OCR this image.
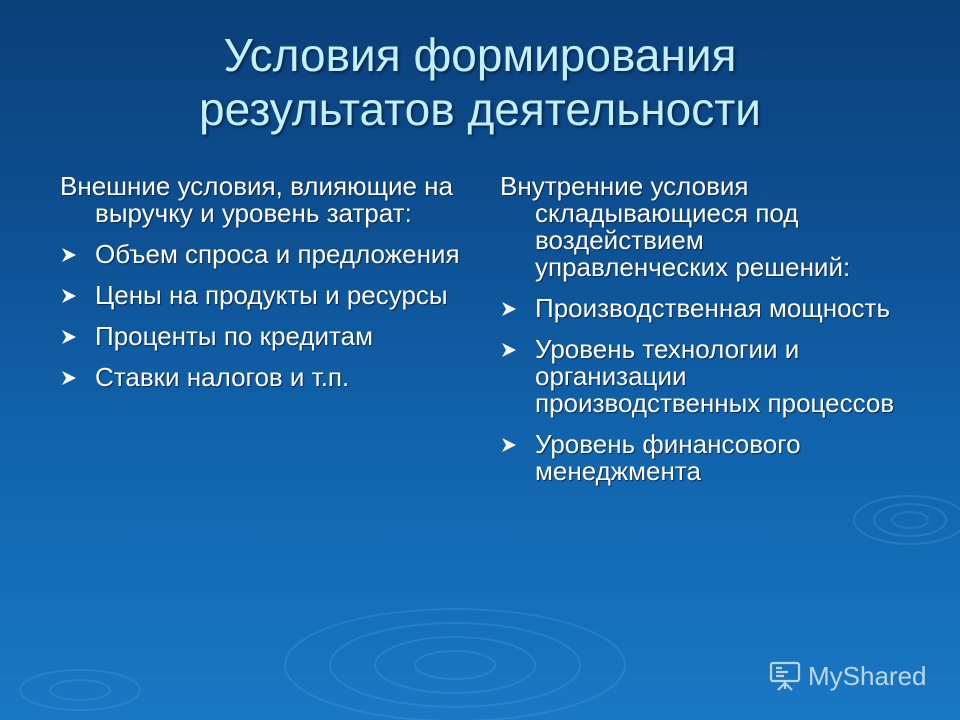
Условия формирования
результатов деятельности

Внешние условия, влияющие на выручку и уровень затрат:

Объем спроса и предложения
Цены на продукты и ресурсы
Проценты по кредитам
Ставки налогов и т.п.

Внутренние условия складывающиеся под воздействием управленческих решений:

Производственная мощность
Уровень технологии и организации производственных процессов
Уровень финансового менеджмента
MyShared
